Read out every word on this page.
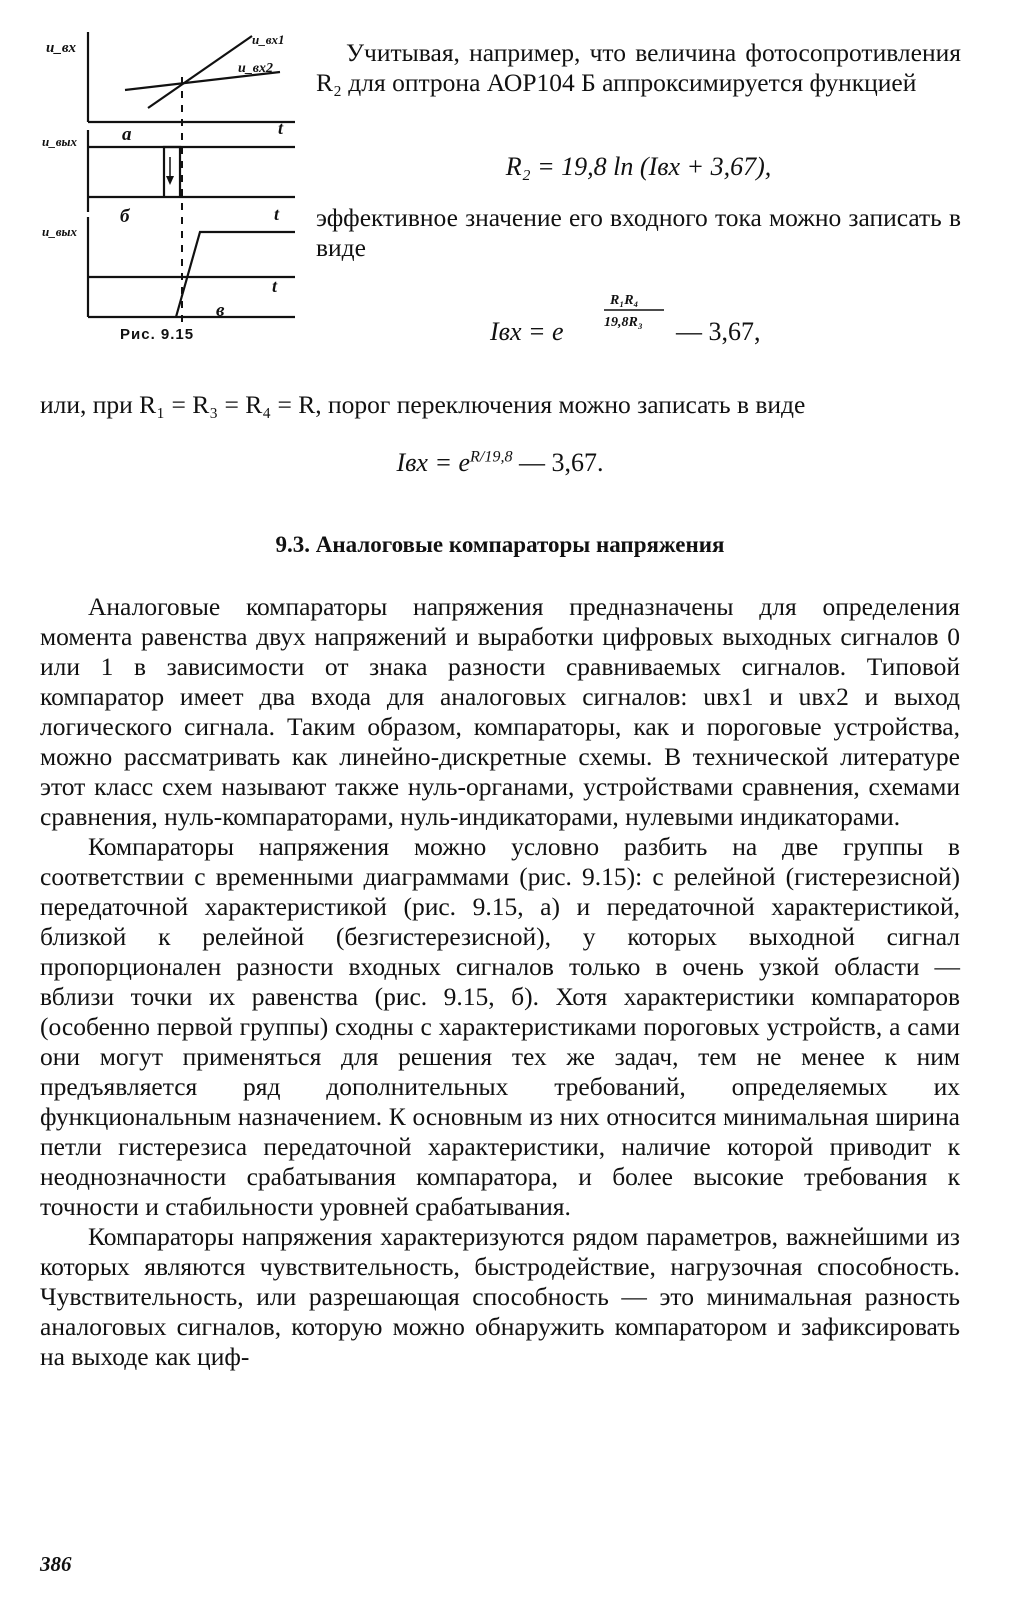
u_вх
u_вх1
u_вх2
u_вых
t
а
u_вых
t
б
t
в
Рис. 9.15

Учитывая, например, что величина фотосопротивления R₂ для оптрона АОР104 Б аппроксимируется функцией

R₂ = 19,8 ln (Iвх + 3,67),

эффективное значение его входного тока можно записать в виде

Iвх = e
R₁R₄
19,8R₃ — 3,67,

или, при R₁ = R₃ = R₄ = R, порог переключения можно записать в виде

Iвх = $e^{R/19,8}$ — 3,67.

9.3. Аналоговые компараторы напряжения

Аналоговые компараторы напряжения предназначены для определения момента равенства двух напряжений и выработки цифровых выходных сигналов 0 или 1 в зависимости от знака разности сравниваемых сигналов. Типовой компаратор имеет два входа для аналоговых сигналов: uвх1 и uвх2 и выход логического сигнала. Таким образом, компараторы, как и пороговые устройства, можно рассматривать как линейно-дискретные схемы. В технической литературе этот класс схем называют также нуль-органами, устройствами сравнения, схемами сравнения, нуль-компараторами, нуль-индикаторами, нулевыми индикаторами.

Компараторы напряжения можно условно разбить на две группы в соответствии с временными диаграммами (рис. 9.15): с релейной (гистерезисной) передаточной характеристикой (рис. 9.15, а) и передаточной характеристикой, близкой к релейной (безгистерезисной), у которых выходной сигнал пропорционален разности входных сигналов только в очень узкой области — вблизи точки их равенства (рис. 9.15, б). Хотя характеристики компараторов (особенно первой группы) сходны с характеристиками пороговых устройств, а сами они могут применяться для решения тех же задач, тем не менее к ним предъявляется ряд дополнительных требований, определяемых их функциональным назначением. К основным из них относится минимальная ширина петли гистерезиса передаточной характеристики, наличие которой приводит к неоднозначности срабатывания компаратора, и более высокие требования к точности и стабильности уровней срабатывания.

Компараторы напряжения характеризуются рядом параметров, важнейшими из которых являются чувствительность, быстродействие, нагрузочная способность. Чувствительность, или разрешающая способность — это минимальная разность аналоговых сигналов, которую можно обнаружить компаратором и зафиксировать на выходе как циф-

386
